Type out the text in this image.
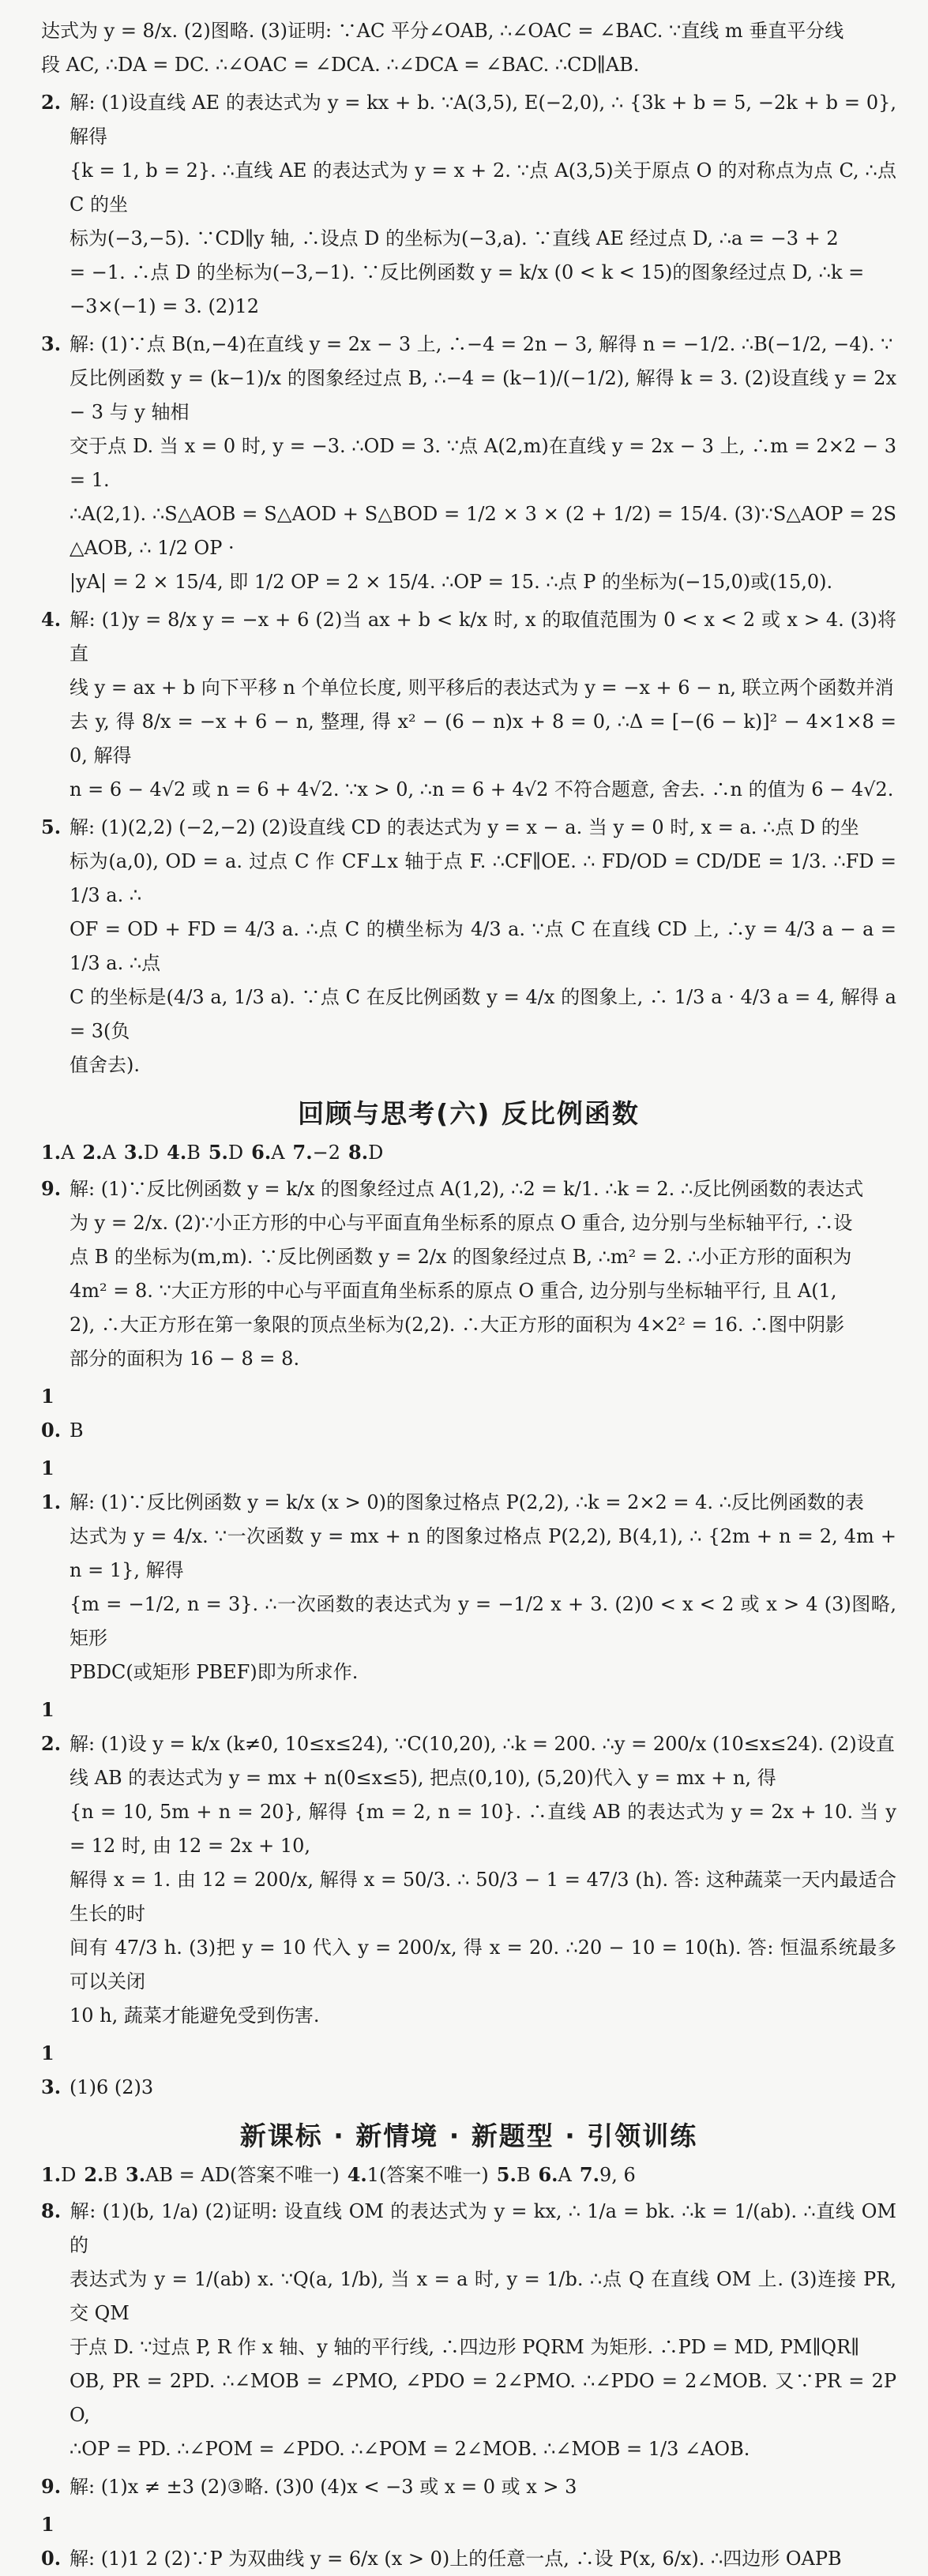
达式为 y = 8/x. (2)图略. (3)证明: ∵AC 平分∠OAB, ∴∠OAC = ∠BAC. ∵直线 m 垂直平分线
段 AC, ∴DA = DC. ∴∠OAC = ∠DCA. ∴∠DCA = ∠BAC. ∴CD∥AB.
2. 解: (1)设直线 AE 的表达式为 y = kx + b. ∵A(3,5), E(−2,0), ∴ {3k + b = 5, −2k + b = 0}, 解得
{k = 1, b = 2}. ∴直线 AE 的表达式为 y = x + 2. ∵点 A(3,5)关于原点 O 的对称点为点 C, ∴点 C 的坐
标为(−3,−5). ∵CD∥y 轴, ∴设点 D 的坐标为(−3,a). ∵直线 AE 经过点 D, ∴a = −3 + 2
= −1. ∴点 D 的坐标为(−3,−1). ∵反比例函数 y = k/x (0 < k < 15)的图象经过点 D, ∴k =
−3×(−1) = 3. (2)12
3. 解: (1)∵点 B(n,−4)在直线 y = 2x − 3 上, ∴−4 = 2n − 3, 解得 n = −1/2. ∴B(−1/2, −4). ∵
反比例函数 y = (k−1)/x 的图象经过点 B, ∴−4 = (k−1)/(−1/2), 解得 k = 3. (2)设直线 y = 2x − 3 与 y 轴相
交于点 D. 当 x = 0 时, y = −3. ∴OD = 3. ∵点 A(2,m)在直线 y = 2x − 3 上, ∴m = 2×2 − 3 = 1.
∴A(2,1). ∴S△AOB = S△AOD + S△BOD = 1/2 × 3 × (2 + 1/2) = 15/4. (3)∵S△AOP = 2S△AOB, ∴ 1/2 OP ·
|yA| = 2 × 15/4, 即 1/2 OP = 2 × 15/4. ∴OP = 15. ∴点 P 的坐标为(−15,0)或(15,0).
4. 解: (1)y = 8/x y = −x + 6 (2)当 ax + b < k/x 时, x 的取值范围为 0 < x < 2 或 x > 4. (3)将直
线 y = ax + b 向下平移 n 个单位长度, 则平移后的表达式为 y = −x + 6 − n, 联立两个函数并消
去 y, 得 8/x = −x + 6 − n, 整理, 得 x² − (6 − n)x + 8 = 0, ∴Δ = [−(6 − k)]² − 4×1×8 = 0, 解得
n = 6 − 4√2 或 n = 6 + 4√2. ∵x > 0, ∴n = 6 + 4√2 不符合题意, 舍去. ∴n 的值为 6 − 4√2.
5. 解: (1)(2,2) (−2,−2) (2)设直线 CD 的表达式为 y = x − a. 当 y = 0 时, x = a. ∴点 D 的坐
标为(a,0), OD = a. 过点 C 作 CF⊥x 轴于点 F. ∴CF∥OE. ∴ FD/OD = CD/DE = 1/3. ∴FD = 1/3 a. ∴
OF = OD + FD = 4/3 a. ∴点 C 的横坐标为 4/3 a. ∵点 C 在直线 CD 上, ∴y = 4/3 a − a = 1/3 a. ∴点
C 的坐标是(4/3 a, 1/3 a). ∵点 C 在反比例函数 y = 4/x 的图象上, ∴ 1/3 a · 4/3 a = 4, 解得 a = 3(负
值舍去).
回顾与思考(六) 反比例函数
1.A 2.A 3.D 4.B 5.D 6.A 7.−2 8.D
9. 解: (1)∵反比例函数 y = k/x 的图象经过点 A(1,2), ∴2 = k/1. ∴k = 2. ∴反比例函数的表达式
为 y = 2/x. (2)∵小正方形的中心与平面直角坐标系的原点 O 重合, 边分别与坐标轴平行, ∴设
点 B 的坐标为(m,m). ∵反比例函数 y = 2/x 的图象经过点 B, ∴m² = 2. ∴小正方形的面积为
4m² = 8. ∵大正方形的中心与平面直角坐标系的原点 O 重合, 边分别与坐标轴平行, 且 A(1,
2), ∴大正方形在第一象限的顶点坐标为(2,2). ∴大正方形的面积为 4×2² = 16. ∴图中阴影
部分的面积为 16 − 8 = 8.
10. B
11. 解: (1)∵反比例函数 y = k/x (x > 0)的图象过格点 P(2,2), ∴k = 2×2 = 4. ∴反比例函数的表
达式为 y = 4/x. ∵一次函数 y = mx + n 的图象过格点 P(2,2), B(4,1), ∴ {2m + n = 2, 4m + n = 1}, 解得
{m = −1/2, n = 3}. ∴一次函数的表达式为 y = −1/2 x + 3. (2)0 < x < 2 或 x > 4 (3)图略, 矩形
PBDC(或矩形 PBEF)即为所求作.
12. 解: (1)设 y = k/x (k≠0, 10≤x≤24), ∵C(10,20), ∴k = 200. ∴y = 200/x (10≤x≤24). (2)设直
线 AB 的表达式为 y = mx + n(0≤x≤5), 把点(0,10), (5,20)代入 y = mx + n, 得
{n = 10, 5m + n = 20}, 解得 {m = 2, n = 10}. ∴直线 AB 的表达式为 y = 2x + 10. 当 y = 12 时, 由 12 = 2x + 10,
解得 x = 1. 由 12 = 200/x, 解得 x = 50/3. ∴ 50/3 − 1 = 47/3 (h). 答: 这种蔬菜一天内最适合生长的时
间有 47/3 h. (3)把 y = 10 代入 y = 200/x, 得 x = 20. ∴20 − 10 = 10(h). 答: 恒温系统最多可以关闭
10 h, 蔬菜才能避免受到伤害.
13. (1)6 (2)3
新课标 · 新情境 · 新题型 · 引领训练
1.D 2.B 3.AB = AD(答案不唯一) 4.1(答案不唯一) 5.B 6.A 7.9, 6
8. 解: (1)(b, 1/a) (2)证明: 设直线 OM 的表达式为 y = kx, ∴ 1/a = bk. ∴k = 1/(ab). ∴直线 OM 的
表达式为 y = 1/(ab) x. ∵Q(a, 1/b), 当 x = a 时, y = 1/b. ∴点 Q 在直线 OM 上. (3)连接 PR, 交 QM
于点 D. ∵过点 P, R 作 x 轴、y 轴的平行线, ∴四边形 PQRM 为矩形. ∴PD = MD, PM∥QR∥
OB, PR = 2PD. ∴∠MOB = ∠PMO, ∠PDO = 2∠PMO. ∴∠PDO = 2∠MOB. 又∵PR = 2PO,
∴OP = PD. ∴∠POM = ∠PDO. ∴∠POM = 2∠MOB. ∴∠MOB = 1/3 ∠AOB.
9. 解: (1)x ≠ ±3 (2)③略. (3)0 (4)x < −3 或 x = 0 或 x > 3
10. 解: (1)1 2 (2)∵P 为双曲线 y = 6/x (x > 0)上的任意一点, ∴设 P(x, 6/x). ∴四边形 OAPB
